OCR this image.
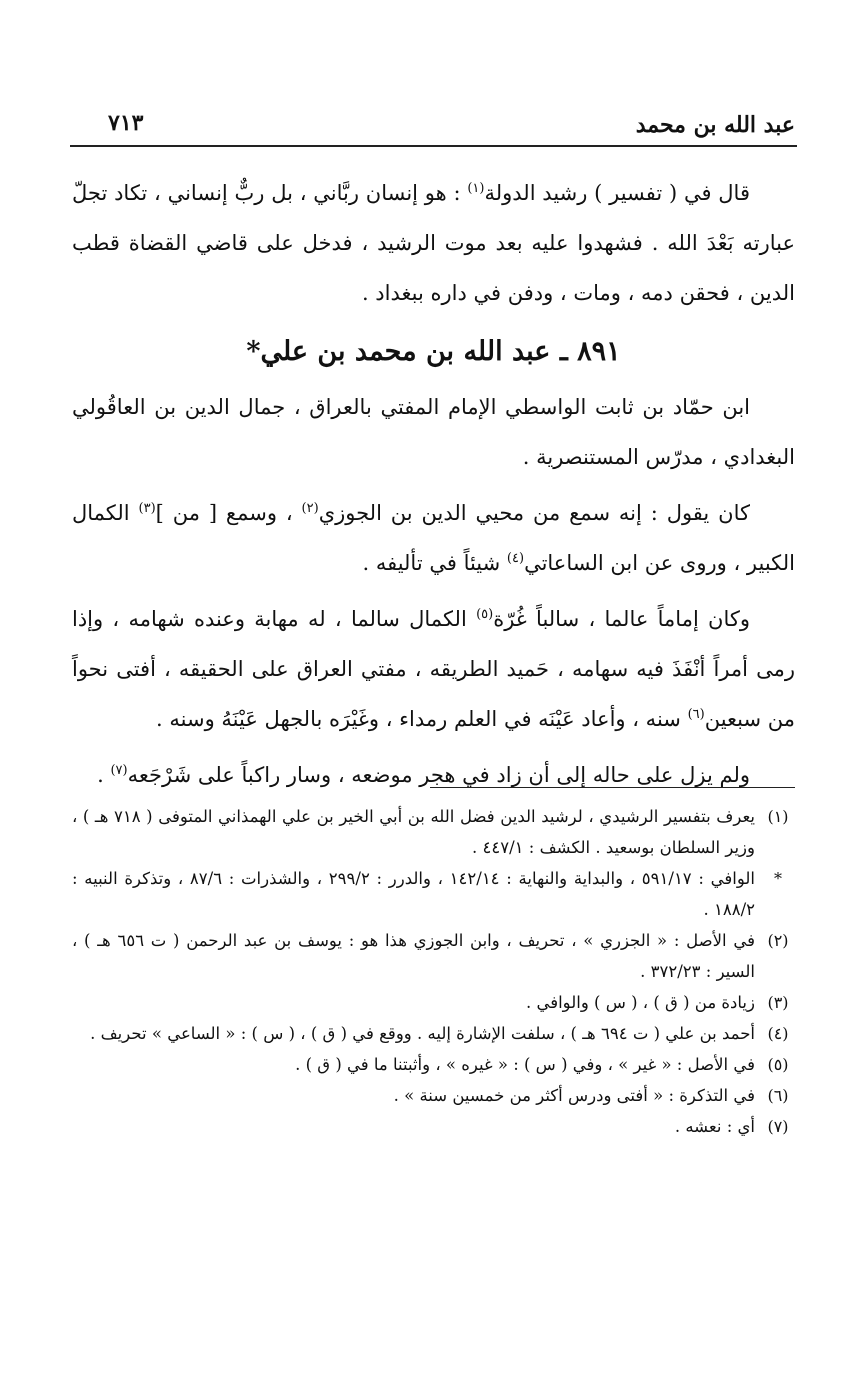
عبد الله بن محمد
٧١٣

قال في ( تفسير ) رشيد الدولة$^{(١)}$ : هو إنسان ربَّاني ، بل ربٌّ إنساني ، تكاد تجلّ عبارته بَعْدَ الله . فشهدوا عليه بعد موت الرشيد ، فدخل على قاضي القضاة قطب الدين ، فحقن دمه ، ومات ، ودفن في داره ببغداد .

٨٩١ ـ عبد الله بن محمد بن علي*

ابن حمّاد بن ثابت الواسطي الإمام المفتي بالعراق ، جمال الدين بن العاقُولي البغدادي ، مدرّس المستنصرية .

كان يقول : إنه سمع من محيي الدين بن الجوزي$^{(٢)}$ ، وسمع [ من ]$^{(٣)}$ الكمال الكبير ، وروى عن ابن الساعاتي$^{(٤)}$ شيئاً في تأليفه .

وكان إماماً عالما ، سالباً غُرّة$^{(٥)}$ الكمال سالما ، له مهابة وعنده شهامه ، وإذا رمى أمراً أنْفَذَ فيه سهامه ، حَميد الطريقه ، مفتي العراق على الحقيقه ، أفتى نحواً من سبعين$^{(٦)}$ سنه ، وأعاد عَيْنَه في العلم رمداء ، وغَيْرَه بالجهل عَيْنَهُ وسنه .

ولم يزل على حاله إلى أن زاد في هجر موضعه ، وسار راكباً على شَرْجَعه$^{(٧)}$ .

(١)
يعرف بتفسير الرشيدي ، لرشيد الدين فضل الله بن أبي الخير بن علي الهمذاني المتوفى ( ٧١٨ هـ ) ، وزير السلطان بوسعيد . الكشف : ٤٤٧/١ .
*
الوافي : ٥٩١/١٧ ، والبداية والنهاية : ١٤٢/١٤ ، والدرر : ٢٩٩/٢ ، والشذرات : ٨٧/٦ ، وتذكرة النبيه : ١٨٨/٢ .
(٢)
في الأصل : « الجزري » ، تحريف ، وابن الجوزي هذا هو : يوسف بن عبد الرحمن ( ت ٦٥٦ هـ ) ، السير : ٣٧٢/٢٣ .
(٣)
زيادة من ( ق ) ، ( س ) والوافي .
(٤)
أحمد بن علي ( ت ٦٩٤ هـ ) ، سلفت الإشارة إليه . ووقع في ( ق ) ، ( س ) : « الساعي » تحريف .
(٥)
في الأصل : « غير » ، وفي ( س ) : « غيره » ، وأثبتنا ما في ( ق ) .
(٦)
في التذكرة : « أفتى ودرس أكثر من خمسين سنة » .
(٧)
أي : نعشه .
